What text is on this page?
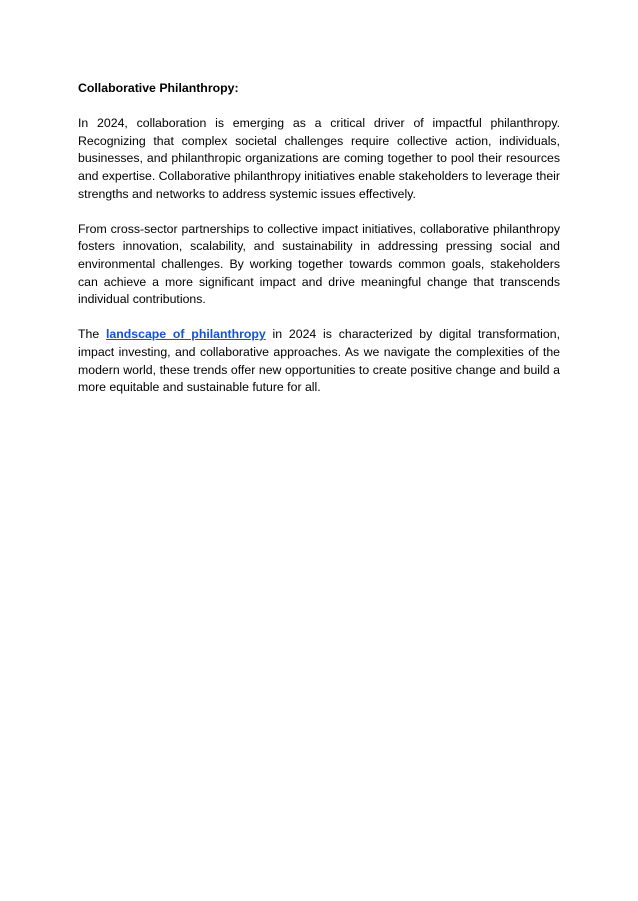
Collaborative Philanthropy:

In 2024, collaboration is emerging as a critical driver of impactful philanthropy. Recognizing that complex societal challenges require collective action, individuals, businesses, and philanthropic organizations are coming together to pool their resources and expertise. Collaborative philanthropy initiatives enable stakeholders to leverage their strengths and networks to address systemic issues effectively.

From cross-sector partnerships to collective impact initiatives, collaborative philanthropy fosters innovation, scalability, and sustainability in addressing pressing social and environmental challenges. By working together towards common goals, stakeholders can achieve a more significant impact and drive meaningful change that transcends individual contributions.

The landscape of philanthropy in 2024 is characterized by digital transformation, impact investing, and collaborative approaches. As we navigate the complexities of the modern world, these trends offer new opportunities to create positive change and build a more equitable and sustainable future for all.
